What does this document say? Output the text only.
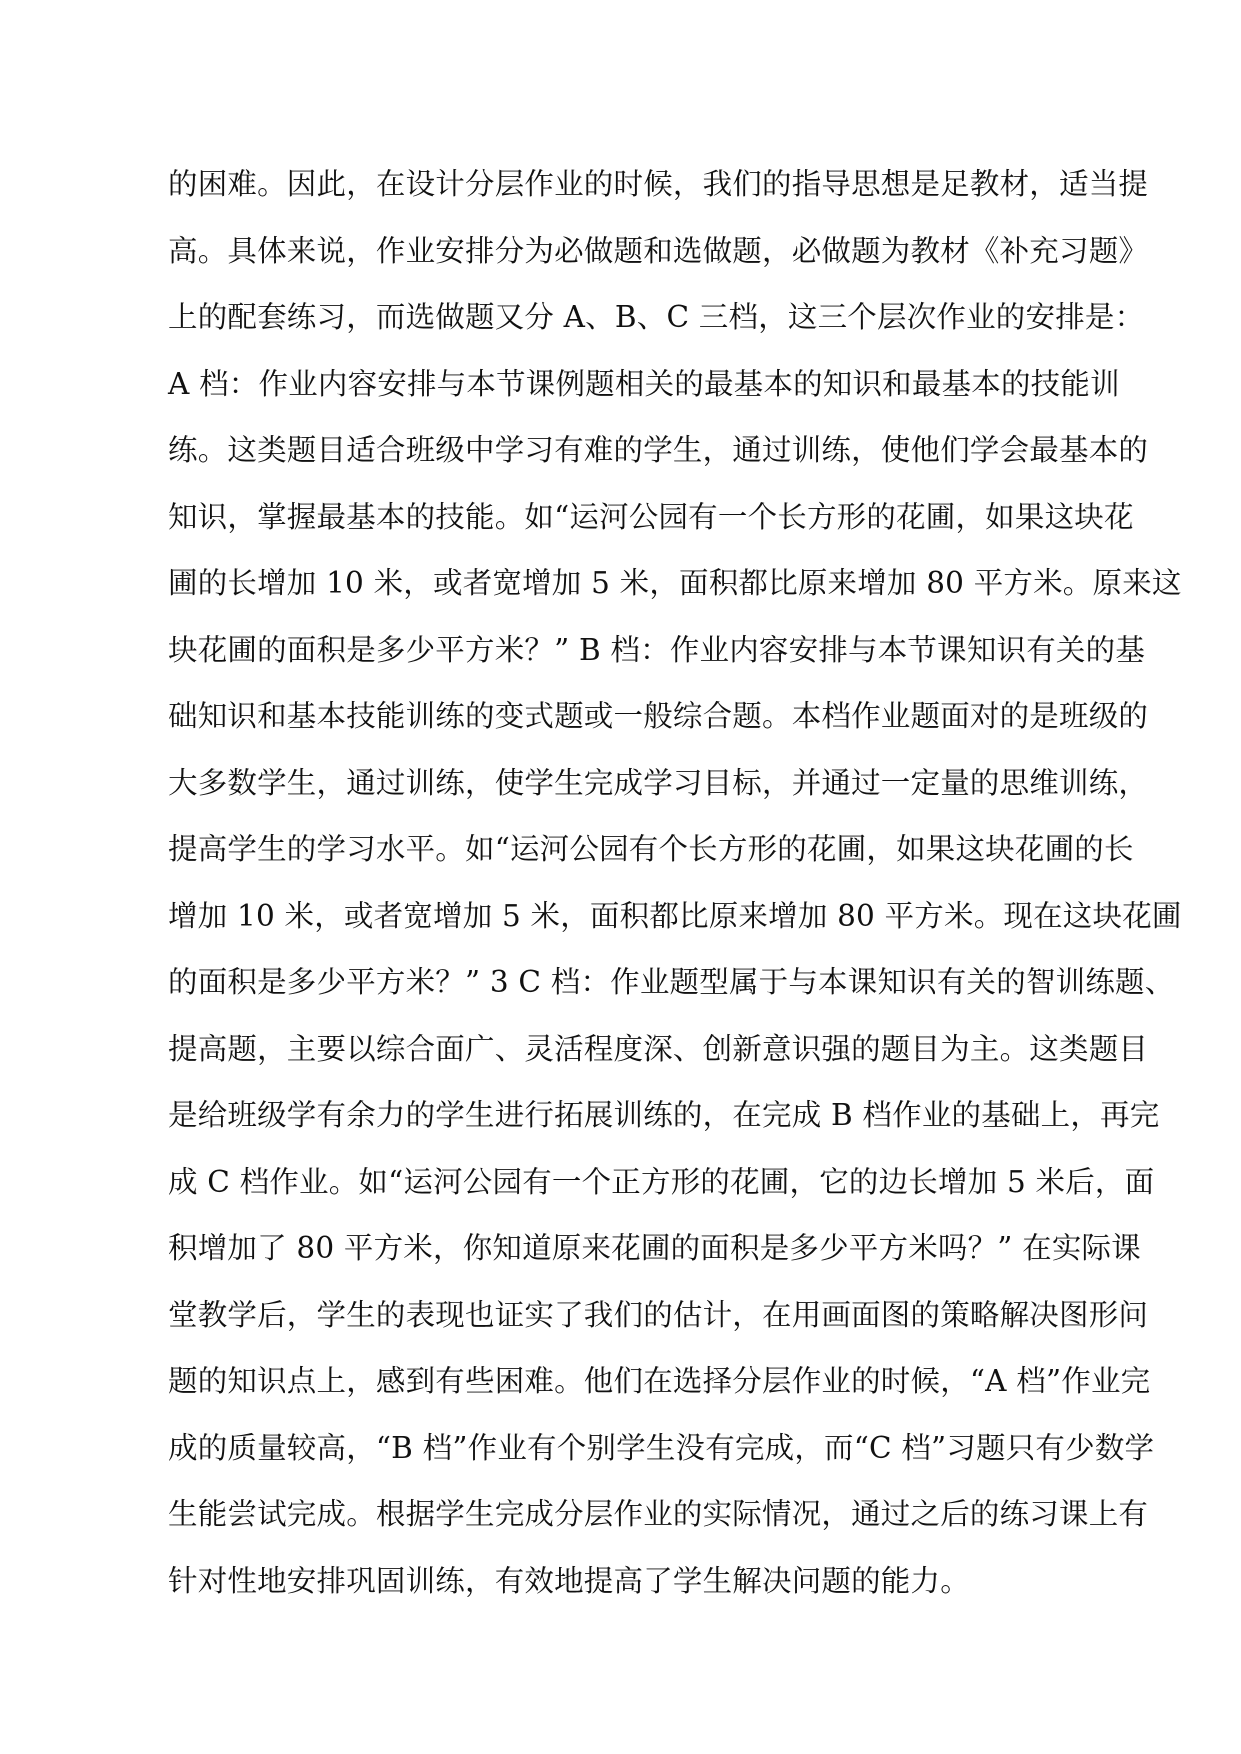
的困难。因此，在设计分层作业的时候，我们的指导思想是足教材，适当提
高。具体来说，作业安排分为必做题和选做题，必做题为教材《补充习题》
上的配套练习，而选做题又分 A、B、C 三档，这三个层次作业的安排是：
A 档：作业内容安排与本节课例题相关的最基本的知识和最基本的技能训
练。这类题目适合班级中学习有难的学生，通过训练，使他们学会最基本的
知识，掌握最基本的技能。如“运河公园有一个长方形的花圃，如果这块花
圃的长增加 10 米，或者宽增加 5 米，面积都比原来增加 80 平方米。原来这
块花圃的面积是多少平方米？” B 档：作业内容安排与本节课知识有关的基
础知识和基本技能训练的变式题或一般综合题。本档作业题面对的是班级的
大多数学生，通过训练，使学生完成学习目标，并通过一定量的思维训练，
提高学生的学习水平。如“运河公园有个长方形的花圃，如果这块花圃的长
增加 10 米，或者宽增加 5 米，面积都比原来增加 80 平方米。现在这块花圃
的面积是多少平方米？” 3 C 档：作业题型属于与本课知识有关的智训练题、
提高题，主要以综合面广、灵活程度深、创新意识强的题目为主。这类题目
是给班级学有余力的学生进行拓展训练的，在完成 B 档作业的基础上，再完
成 C 档作业。如“运河公园有一个正方形的花圃，它的边长增加 5 米后，面
积增加了 80 平方米，你知道原来花圃的面积是多少平方米吗？” 在实际课
堂教学后，学生的表现也证实了我们的估计，在用画面图的策略解决图形问
题的知识点上，感到有些困难。他们在选择分层作业的时候，“A 档”作业完
成的质量较高，“B 档”作业有个别学生没有完成，而“C 档”习题只有少数学
生能尝试完成。根据学生完成分层作业的实际情况，通过之后的练习课上有
针对性地安排巩固训练，有效地提高了学生解决问题的能力。
